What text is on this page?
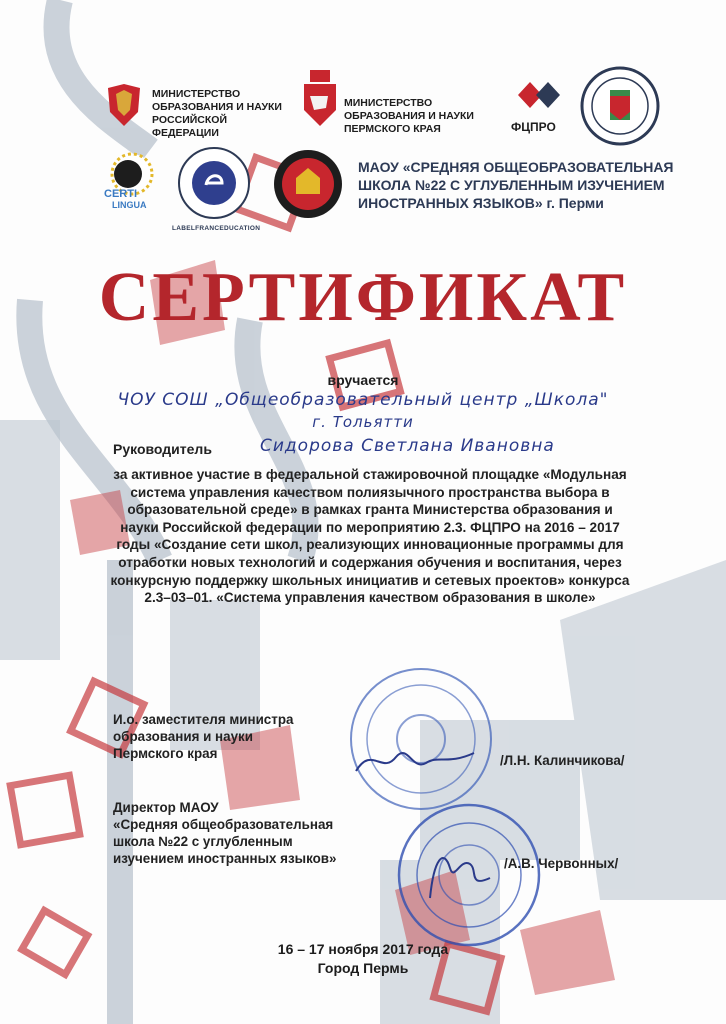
МИНИСТЕРСТВО ОБРАЗОВАНИЯ И НАУКИ РОССИЙСКОЙ ФЕДЕРАЦИИ
МИНИСТЕРСТВО ОБРАЗОВАНИЯ И НАУКИ ПЕРМСКОГО КРАЯ	ФЦПРО
CERTI
LINGUA
LABELFRANCEDUCATION
МАОУ «СРЕДНЯЯ ОБЩЕОБРАЗОВАТЕЛЬНАЯ ШКОЛА №22 С УГЛУБЛЕННЫМ ИЗУЧЕНИЕМ ИНОСТРАННЫХ ЯЗЫКОВ» г. Перми
СЕРТИФИКАТ
вручается
ЧОУ СОШ „Общеобразовательный центр „Школа"
г. Тольятти
Руководитель	Сидорова Светлана Ивановна
за активное участие в федеральной стажировочной площадке «Модульная система управления качеством полиязычного пространства выбора в образовательной среде» в рамках гранта Министерства образования и науки Российской федерации по мероприятию 2.3. ФЦПРО на 2016 – 2017 годы «Создание сети школ, реализующих инновационные программы для отработки новых технологий и содержания обучения и воспитания, через конкурсную поддержку школьных инициатив и сетевых проектов» конкурса 2.3–03–01. «Система управления качеством образования в школе»
И.о. заместителя министра
образования и науки
Пермского края	/Л.Н. Калинчикова/
Директор МАОУ
«Средняя общеобразовательная
школа №22 с углубленным
изучением иностранных языков»	/А.В. Червонных/
16 – 17 ноября 2017 года
Город Пермь
